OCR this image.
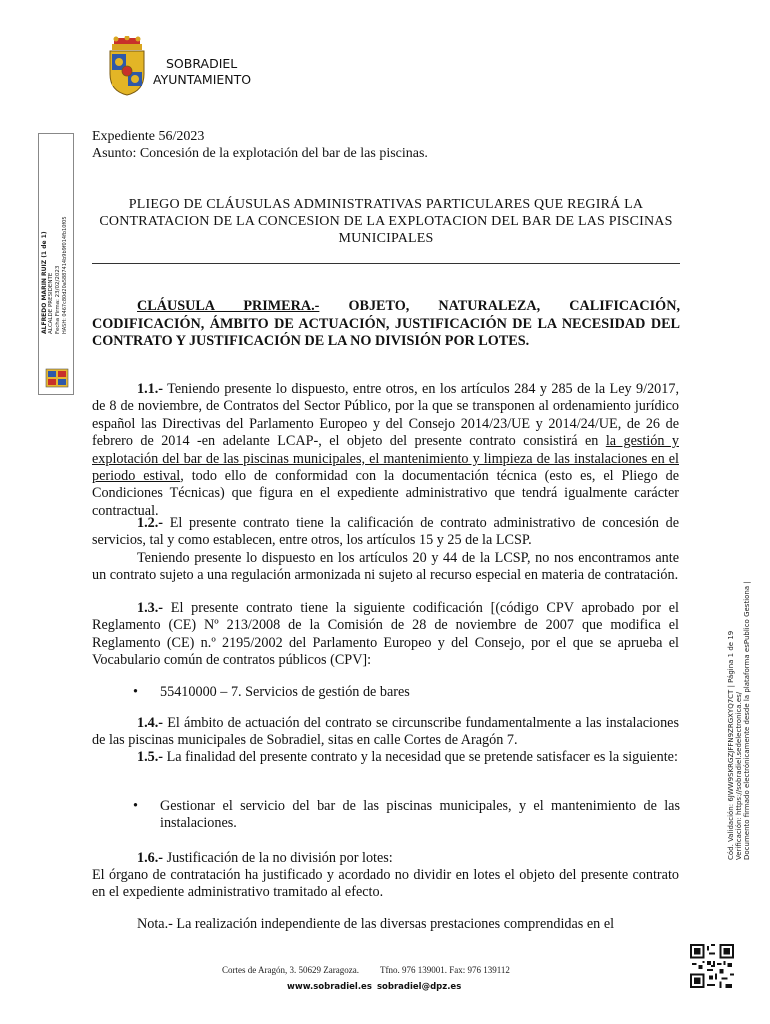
SOBRADIEL
AYUNTAMIENTO
ALFREDO MARIN RUIZ (1 de 1) ALCALDE PRESIDENTE Fecha Firma: 23/02/2023 HASH: 0467c80d20a5887414b9b9f014fb10f05
Cód. Validación: 6JWW9SKRGZJFFN9ZRGXYQ7CT | Página 1 de 19 Verificación: https://sobradiel.sedelectronica.es/ Documento firmado electrónicamente desde la plataforma esPublico Gestiona |
Expediente 56/2023
Asunto: Concesión de la explotación del bar de las piscinas.
PLIEGO DE CLÁUSULAS ADMINISTRATIVAS PARTICULARES QUE REGIRÁ LA CONTRATACION DE LA CONCESION DE LA EXPLOTACION DEL BAR DE LAS PISCINAS MUNICIPALES
CLÁUSULA PRIMERA.- OBJETO, NATURALEZA, CALIFICACIÓN, CODIFICACIÓN, ÁMBITO DE ACTUACIÓN, JUSTIFICACIÓN DE LA NECESIDAD DEL CONTRATO Y JUSTIFICACIÓN DE LA NO DIVISIÓN POR LOTES.
1.1.- Teniendo presente lo dispuesto, entre otros, en los artículos 284 y 285 de la Ley 9/2017, de 8 de noviembre, de Contratos del Sector Público, por la que se transponen al ordenamiento jurídico español las Directivas del Parlamento Europeo y del Consejo 2014/23/UE y 2014/24/UE, de 26 de febrero de 2014 -en adelante LCAP-, el objeto del presente contrato consistirá en la gestión y explotación del bar de las piscinas municipales, el mantenimiento y limpieza de las instalaciones en el periodo estival, todo ello de conformidad con la documentación técnica (esto es, el Pliego de Condiciones Técnicas) que figura en el expediente administrativo que tendrá igualmente carácter contractual.
1.2.- El presente contrato tiene la calificación de contrato administrativo de concesión de servicios, tal y como establecen, entre otros, los artículos 15 y 25 de la LCSP.
Teniendo presente lo dispuesto en los artículos 20 y 44 de la LCSP, no nos encontramos ante un contrato sujeto a una regulación armonizada ni sujeto al recurso especial en materia de contratación.
1.3.- El presente contrato tiene la siguiente codificación [(código CPV aprobado por el Reglamento (CE) Nº 213/2008 de la Comisión de 28 de noviembre de 2007 que modifica el Reglamento (CE) n.º 2195/2002 del Parlamento Europeo y del Consejo, por el que se aprueba el Vocabulario común de contratos públicos (CPV]:
• 55410000 – 7. Servicios de gestión de bares
1.4.- El ámbito de actuación del contrato se circunscribe fundamentalmente a las instalaciones de las piscinas municipales de Sobradiel, sitas en calle Cortes de Aragón 7.
1.5.- La finalidad del presente contrato y la necesidad que se pretende satisfacer es la siguiente:
• Gestionar el servicio del bar de las piscinas municipales, y el mantenimiento de las instalaciones.
1.6.- Justificación de la no división por lotes:
El órgano de contratación ha justificado y acordado no dividir en lotes el objeto del presente contrato en el expediente administrativo tramitado al efecto.
Nota.- La realización independiente de las diversas prestaciones comprendidas en el
Cortes de Aragón, 3. 50629 Zaragoza. Tfno. 976 139001. Fax: 976 139112
www.sobradiel.es sobradiel@dpz.es
